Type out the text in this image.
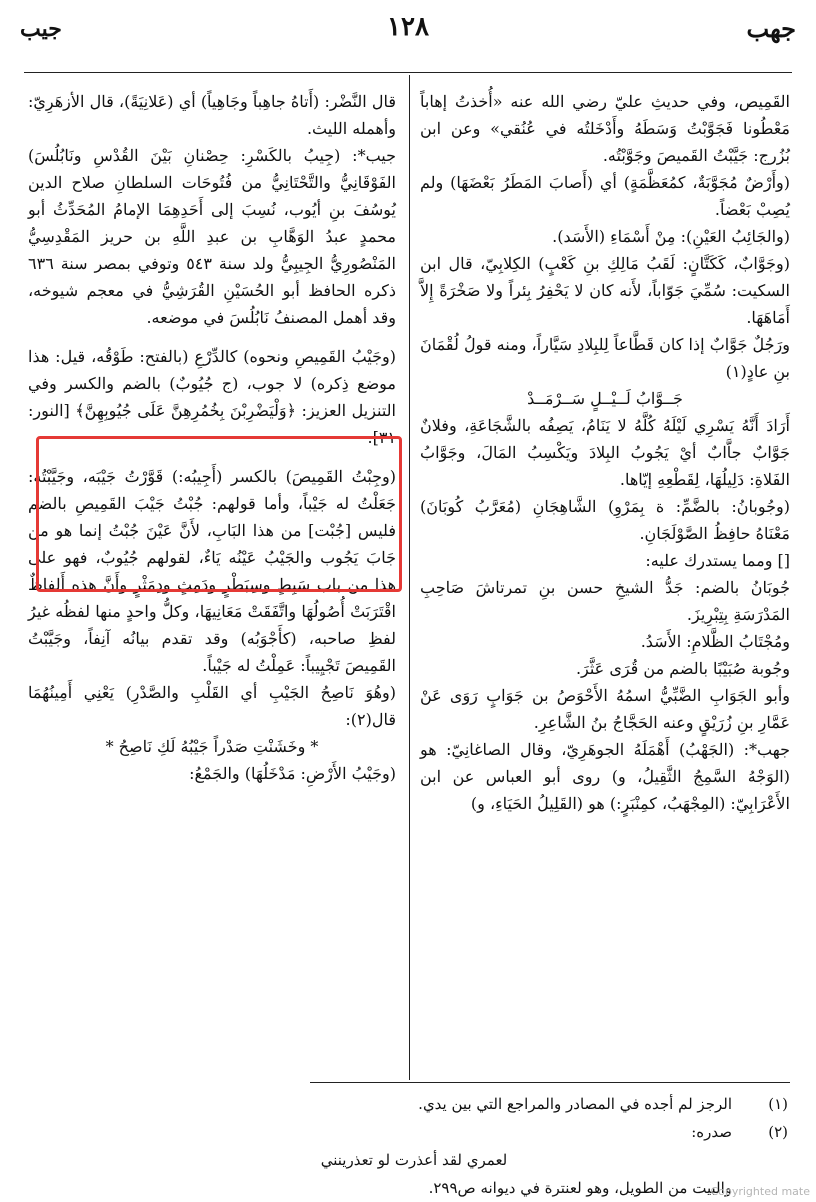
جهب
١٢٨
جيب

القَمِيص، وفي حديثِ عليّ رضي الله عنه «أُخذتُ إهاباً مَعْطُونا فَجَوَّبْتُ وَسَطَهُ وأَدْخَلتُه في عُنُقي» وعن ابن بُزُرج: جَيَّبْتُ القَميصَ وجَوَّبْتُه.

(وأَرْضٌ مُجَوَّبَةٌ، كمُعَظَّمَةٍ) أي (أَصابَ المَطَرُ بَعْضَهَا) ولم يُصِبْ بَعْضاً.

(والجَائِبُ العَيْنِ): مِنْ أَسْمَاءِ (الأَسَد).

(وجَوَّابٌ، كَكَتَّانٍ: لَقَبُ مَالِكِ بنِ كَعْبٍ) الكِلابِيّ، قال ابن السكيت: سُمِّيَ جَوّاباً، لأَنه كان لا يَحْفِرُ بِئراً ولا صَخْرَةً إِلاَّ أَمَاهَهَا.

ورَجُلٌ جَوَّابٌ إذا كان قَطَّاعاً لِلبِلادِ سَيَّاراً، ومنه قولُ لُقْمَانَ بنِ عادٍ(١)

جَــوَّابُ لَــيْــلٍ سَــرْمَــدْ

أَرَادَ أَنَّهُ يَسْرِي لَيْلَهُ كُلَّهُ لا يَنَامُ، يَصِفُه بالشَّجَاعَةِ، وفلانٌ جَوَّابٌ جاَّابٌ أيْ يَجُوبُ البِلادَ ويَكْسِبُ المَالَ، وجَوَّابُ الفَلاةِ: دَلِيلُهَا، لِقَطْعِهِ إيّاها.

(وجُوبانُ: بالضَّمِّ: ة بِمَرْوِ) الشَّاهِجَانِ (مُعَرَّبُ كُوبَانَ) مَعْنَاهُ حافِظُ الصَّوْلَجَانِ.

[] ومما يستدرك عليه:

جُوبَانُ بالضم: جَدُّ الشيخِ حسن بنِ تمرتاشَ صَاحِبِ المَدْرَسَةِ بِتِبْرِيزَ.

ومُجْتَابُ الظَّلامِ: الأَسَدُ.

وجُوبة صُبَيْبًا بالضم من قُرَى عَثَّرَ.

وأبو الجَوَابِ الضَّبِّيُّ اسمُهُ الأَحْوَصُ بن جَوَابٍ رَوَى عَنْ عَمَّارِ بنِ زُرَيْقٍ وعنه الحَجَّاجُ بنُ الشَّاعِرِ.

جهب*: (الجَهْبُ) أَهْمَلَهُ الجوهَرِيّ، وقال الصاغانِيّ: هو (الوَجْهُ السَّمِجُ الثَّقِيلُ، و) روى أبو العباس عن ابن الأَعْرَابِيّ: (المِجْهَبُ، كمِنْبَرٍ:) هو (القَلِيلُ الحَيَاءِ، و)

قال النَّضْر: (أَتاهُ جاهِباً وجَاهِياً) أي (عَلانِيَةً)، قال الأزهَرِيّ: وأهمله الليث.

جيب*: (جِيبُ بالكَسْرِ: حِصْنانِ بَيْنَ القُدْسِ ونَابُلُسَ) الفَوْقَانِيُّ والتَّحْتَانِيُّ من فُتُوحَات السلطانِ صلاح الدين يُوسُفَ بنِ أيُوب، نُسِبَ إلى أَحَدِهِمَا الإمامُ المُحَدِّثُ أبو محمدٍ عبدُ الوَهَّابِ بن عبدِ اللَّهِ بن حريز المَقْدِسِيُّ المَنْصُورِيُّ الجِيبِيُّ ولد سنة ٥٤٣ وتوفي بمصر سنة ٦٣٦ ذكره الحافظ أبو الحُسَيْنِ القُرَشِيُّ في معجم شيوخه، وقد أهمل المصنفُ نَابُلُسَ في موضعه.

(وجَيْبُ القَمِيصِ ونحوه) كالدِّرْعِ (بالفتح: طَوْقُه، قيل: هذا موضع ذِكره) لا جوب، (ج جُيُوبٌ) بالضم والكسر وفي التنزيل العزيز: ﴿وَلْيَضْرِبْنَ بِخُمُرِهِنَّ عَلَى جُيُوبِهِنَّ﴾ [النور: ٣١].

(وجِبْتُ القَمِيصَ) بالكسر (أَجِيبُه:) قَوَّرْتُ جَيْبَه، وجَيَّبْتُه: جَعَلْتُ له جَيْباً، وأما قولهم: جُبْتُ جَيْبَ القَمِيصِ بالضم فليس [جُبْت] من هذا البَابِ، لأَنَّ عَيْنَ جُبْتُ إنما هو من جَابَ يَجُوب والجَيْبُ عَيْنُه يَاءٌ، لقولهم جُيُوبٌ، فهو على هذا من باب سَبِطٍ وسِبَطْرٍ ودَمِثٍ ودِمَثْرٍ وأَنَّ هذه أَلفاظٌ اقْتَرَبَتْ أُصُولُهَا واتَّفَقَتْ مَعَانِيهَا، وكلُّ واحدٍ منها لفظُه غيرُ لفظِ صاحبه، (كأَجْوَبُه) وقد تقدم بيانُه آنِفاً، وجَيَّبْتُ القَمِيصَ تَجْيِيباً: عَمِلْتُ له جَيْباً.

(وهُوَ نَاصِحُ الجَيْبِ أي القَلْبِ والصَّدْرِ) يَعْنِي أَمِينُهُمَا قال(٢):

* وخَشَنْتِ صَدْراً جَيْبُهُ لَكِ نَاصِحُ *

(وجَيْبُ الأَرْضِ: مَدْخَلُهَا) والجَمْعُ:

(١)الرجز لم أجده في المصادر والمراجع التي بين يدي.

(٢)صدره:

لعمري لقد أعذرت لو تعذرينني

والبيت من الطويل، وهو لعنترة في ديوانه ص٢٩٩.

Copyrighted mate
